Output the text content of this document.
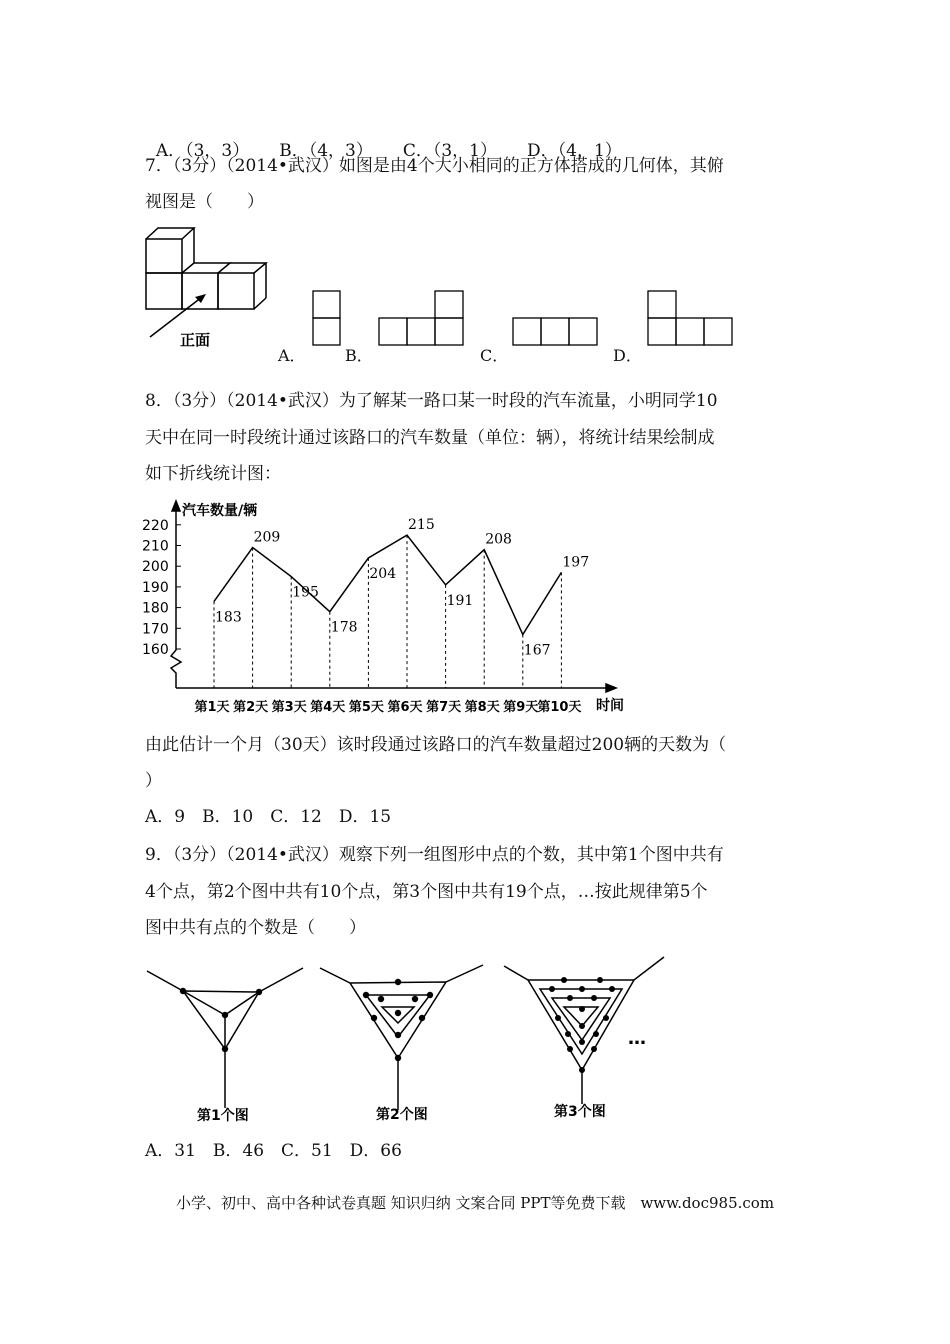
A．（3，3） B．（4，3） C．（3，1） D．（4，1）

7．（3分）（2014•武汉）如图是由4个大小相同的正方体搭成的几何体，其俯
视图是（　　）
正面
A． B．	C．	D．
8．（3分）（2014•武汉）为了解某一路口某一时段的汽车流量，小明同学10
天中在同一时段统计通过该路口的汽车数量（单位：辆），将统计结果绘制成
如下折线统计图：
汽车数量/辆
时间
160
170
180
190
200
210
220
183
209
195
178
204
215
191
208
167
197
第1天 第2天 第3天 第4天 第5天 第6天 第7天 第8天 第9天 第10天
由此估计一个月（30天）该时段通过该路口的汽车数量超过200辆的天数为（
）
A．9　B．10　C．12　D．15
9．（3分）（2014•武汉）观察下列一组图形中点的个数，其中第1个图中共有
4个点，第2个图中共有10个点，第3个图中共有19个点，…按此规律第5个
图中共有点的个数是（　　）
第1个图	第2个图	第3个图
…
A．31　B．46　C．51　D．66
小学、初中、高中各种试卷真题 知识归纳 文案合同 PPT等免费下载　www.doc985.com
